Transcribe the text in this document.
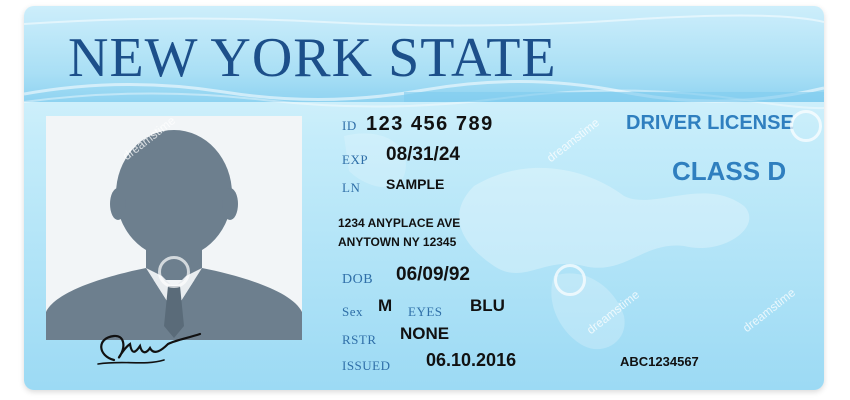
NEW YORK STATE
ID 123 456 789	DRIVER LICENSE
CLASS D
EXP 08/31/24
LN SAMPLE
1234 ANYPLACE AVE
ANYTOWN NY 12345
DOB 06/09/92
Sex M EYES BLU
RSTR NONE
ISSUED 06.10.2016	ABC1234567
dreamstime	dreamstime
dreamstime	dreamstime
